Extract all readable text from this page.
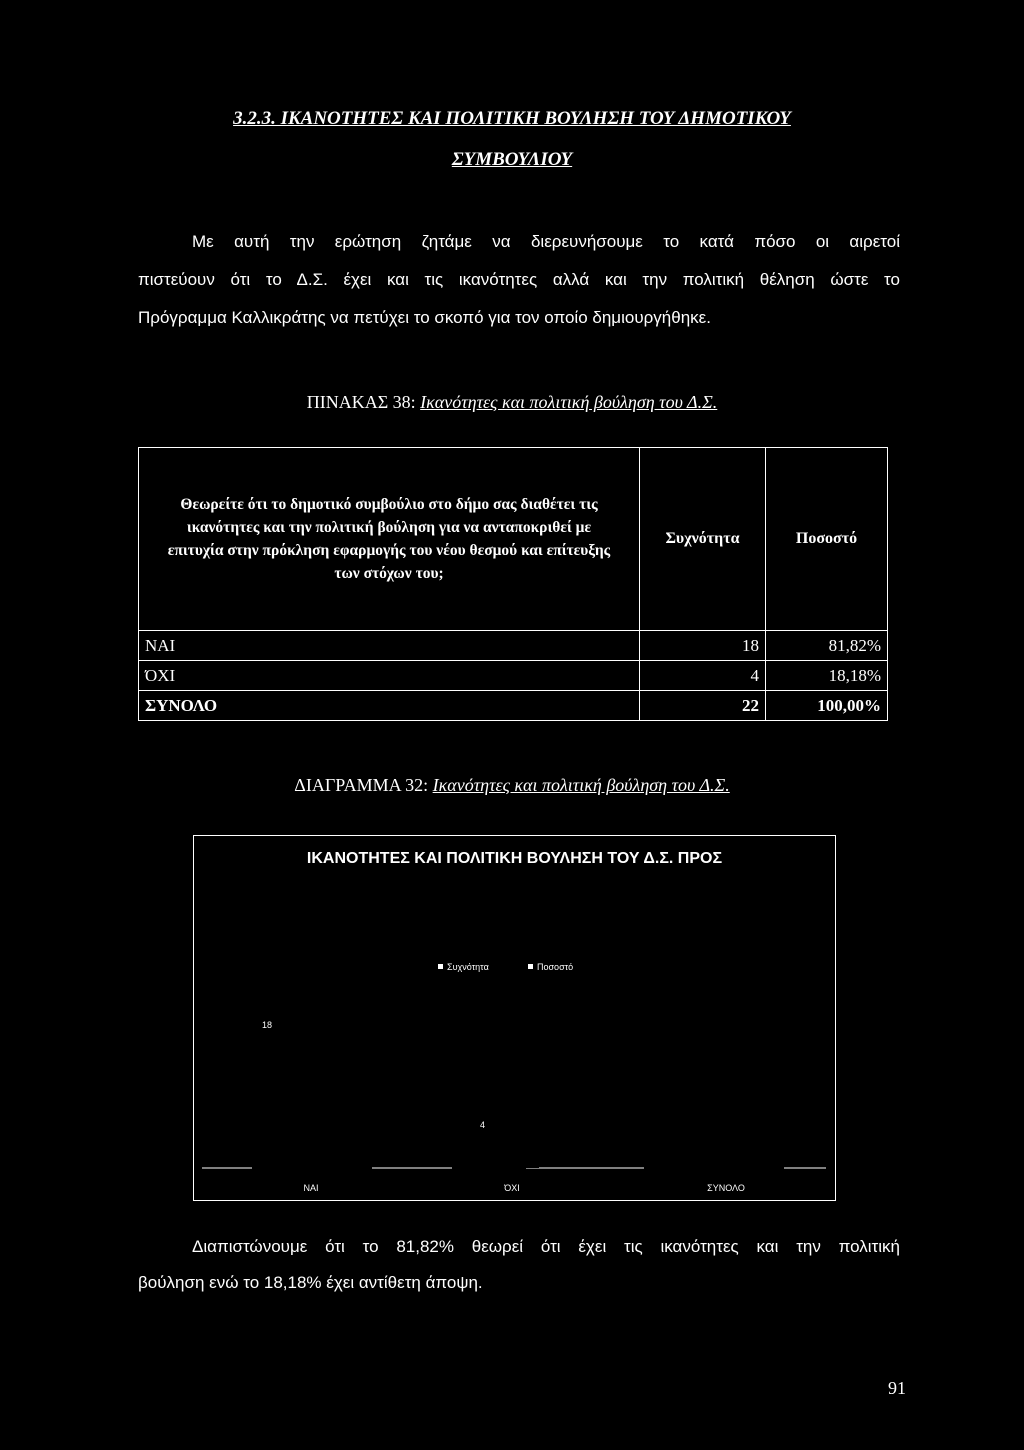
3.2.3. ΙΚΑΝΟΤΗΤΕΣ ΚΑΙ ΠΟΛΙΤΙΚΗ ΒΟΥΛΗΣΗ ΤΟΥ ΔΗΜΟΤΙΚΟΥ
ΣΥΜΒΟΥΛΙΟΥ
Με αυτή την ερώτηση ζητάμε να διερευνήσουμε το κατά πόσο οι αιρετοί
πιστεύουν ότι το Δ.Σ. έχει και τις ικανότητες αλλά και την πολιτική θέληση ώστε το
Πρόγραμμα Καλλικράτης να πετύχει το σκοπό για τον οποίο δημιουργήθηκε.
ΠΙΝΑΚΑΣ 38: Ικανότητες και πολιτική βούληση του Δ.Σ.
Θεωρείτε ότι το δημοτικό συμβούλιο στο δήμο σας διαθέτει τις ικανότητες και την πολιτική βούληση για να ανταποκριθεί με επιτυχία στην πρόκληση εφαρμογής του νέου θεσμού και επίτευξης των στόχων του;
Συχνότητα	Ποσοστό
ΝΑΙ	18	81,82%
ΌΧΙ	4	18,18%
ΣΥΝΟΛΟ	22	100,00%
ΔΙΑΓΡΑΜΜΑ 32: Ικανότητες και πολιτική βούληση του Δ.Σ.
ΙΚΑΝΟΤΗΤΕΣ ΚΑΙ ΠΟΛΙΤΙΚΗ ΒΟΥΛΗΣΗ ΤΟΥ Δ.Σ. ΠΡΟΣ
Συχνότητα	Ποσοστό
18
4
ΝΑΙ	ΌΧΙ	ΣΥΝΟΛΟ
Διαπιστώνουμε ότι το 81,82% θεωρεί ότι έχει τις ικανότητες και την πολιτική
βούληση ενώ το 18,18% έχει αντίθετη άποψη.
91
